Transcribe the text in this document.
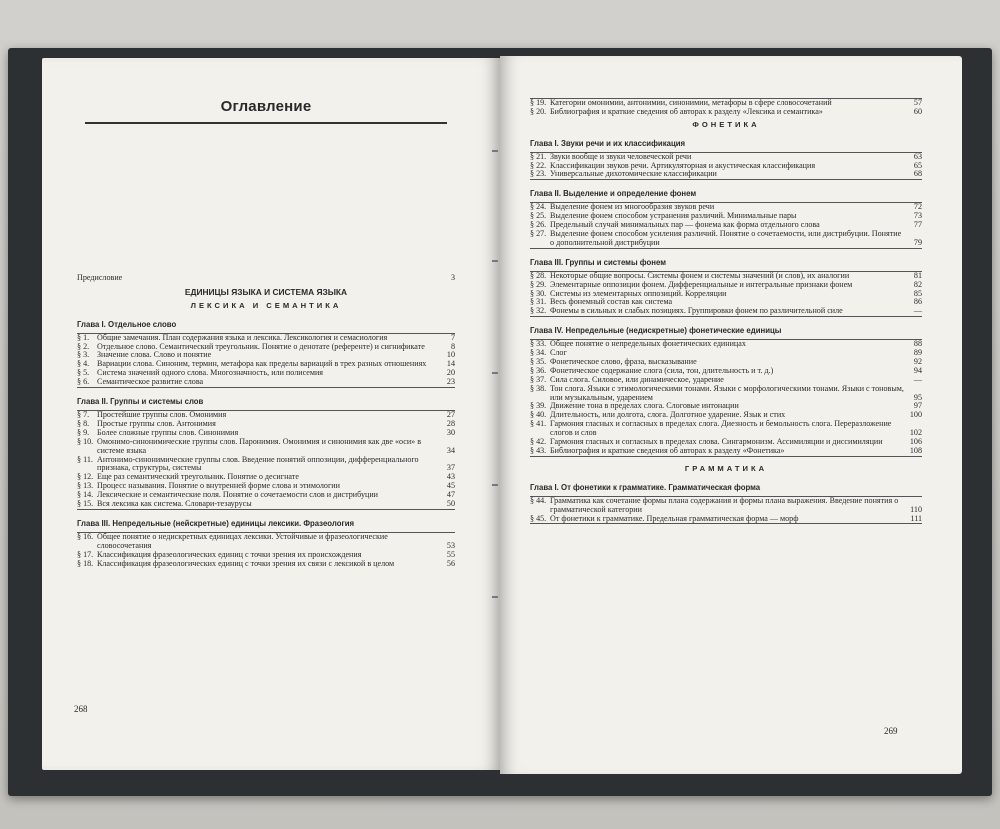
Оглавление
Предисловие	3
ЕДИНИЦЫ ЯЗЫКА И СИСТЕМА ЯЗЫКА
ЛЕКСИКА И СЕМАНТИКА
Глава I. Отдельное слово
§ 1. Общие замечания. План содержания языка и лексика. Лексикология и семасиология	7
§ 2. Отдельное слово. Семантический треугольник. Понятие о денотате (референте) и сигнификате	8
§ 3. Значение слова. Слово и понятие	10
§ 4. Вариации слова. Синоним, термин, метафора как пределы вариаций в трех разных отношениях	14
§ 5. Система значений одного слова. Многозначность, или полисемия	20
§ 6. Семантическое развитие слова	23
Глава II. Группы и системы слов
§ 7. Простейшие группы слов. Омонимия	27
§ 8. Простые группы слов. Антонимия	28
§ 9. Более сложные группы слов. Синонимия	30
§ 10. Омонимо-синонимические группы слов. Паронимия. Омонимия и синонимия как две «оси» в системе языка	34
§ 11. Антонимо-синонимические группы слов. Введение понятий оппозиции, дифференциального признака, структуры, системы	37
§ 12. Еще раз семантический треугольник. Понятие о десигнате	43
§ 13. Процесс называния. Понятие о внутренней форме слова и этимологии	45
§ 14. Лексические и семантические поля. Понятие о сочетаемости слов и дистрибуции	47
§ 15. Вся лексика как система. Словари-тезаурусы	50
Глава III. Непредельные (нейскретные) единицы лексики. Фразеология
§ 16. Общее понятие о недискретных единицах лексики. Устойчивые и фразеологические словосочетания	53
§ 17. Классификация фразеологических единиц с точки зрения их происхождения	55
§ 18. Классификация фразеологических единиц с точки зрения их связи с лексикой в целом	56
268
§ 19. Категории омонимии, антонимии, синонимии, метафоры в сфере словосочетаний	57
§ 20. Библиография и краткие сведения об авторах к разделу «Лексика и семантика»	60
ФОНЕТИКА
Глава I. Звуки речи и их классификация
§ 21. Звуки вообще и звуки человеческой речи	63
§ 22. Классификации звуков речи. Артикуляторная и акустическая классификация	65
§ 23. Универсальные дихотомические классификации	68
Глава II. Выделение и определение фонем
§ 24. Выделение фонем из многообразия звуков речи	72
§ 25. Выделение фонем способом устранения различий. Минимальные пары	73
§ 26. Предельный случай минимальных пар — фонема как форма отдельного слова	77
§ 27. Выделение фонем способом усиления различий. Понятие о сочетаемости, или дистрибуции. Понятие о дополнительной дистрибуции	79
Глава III. Группы и системы фонем
§ 28. Некоторые общие вопросы. Системы фонем и системы значений (и слов), их аналогии	81
§ 29. Элементарные оппозиции фонем. Дифференциальные и интегральные признаки фонем	82
§ 30. Системы из элементарных оппозиций. Корреляции	85
§ 31. Весь фонемный состав как система	86
§ 32. Фонемы в сильных и слабых позициях. Группировки фонем по различительной силе	—
Глава IV. Непредельные (недискретные) фонетические единицы
§ 33. Общее понятие о непредельных фонетических единицах	88
§ 34. Слог	89
§ 35. Фонетическое слово, фраза, высказывание	92
§ 36. Фонетическое содержание слога (сила, тон, длительность и т. д.)	94
§ 37. Сила слога. Силовое, или динамическое, ударение	—
§ 38. Тон слога. Языки с этимологическими тонами. Языки с морфологическими тонами. Языки с тоновым, или музыкальным, ударением	95
§ 39. Движение тона в пределах слога. Слоговые интонации	97
§ 40. Длительность, или долгота, слога. Долготное ударение. Язык и стих	100
§ 41. Гармония гласных и согласных в пределах слога. Диезность и бемольность слога. Переразложение слогов и слов	102
§ 42. Гармония гласных и согласных в пределах слова. Сингармонизм. Ассимиляции и диссимиляции	106
§ 43. Библиография и краткие сведения об авторах к разделу «Фонетика»	108
ГРАММАТИКА
Глава I. От фонетики к грамматике. Грамматическая форма
§ 44. Грамматика как сочетание формы плана содержания и формы плана выражения. Введение понятия о грамматической категории	110
§ 45. От фонетики к грамматике. Предельная грамматическая форма — морф	111
269
